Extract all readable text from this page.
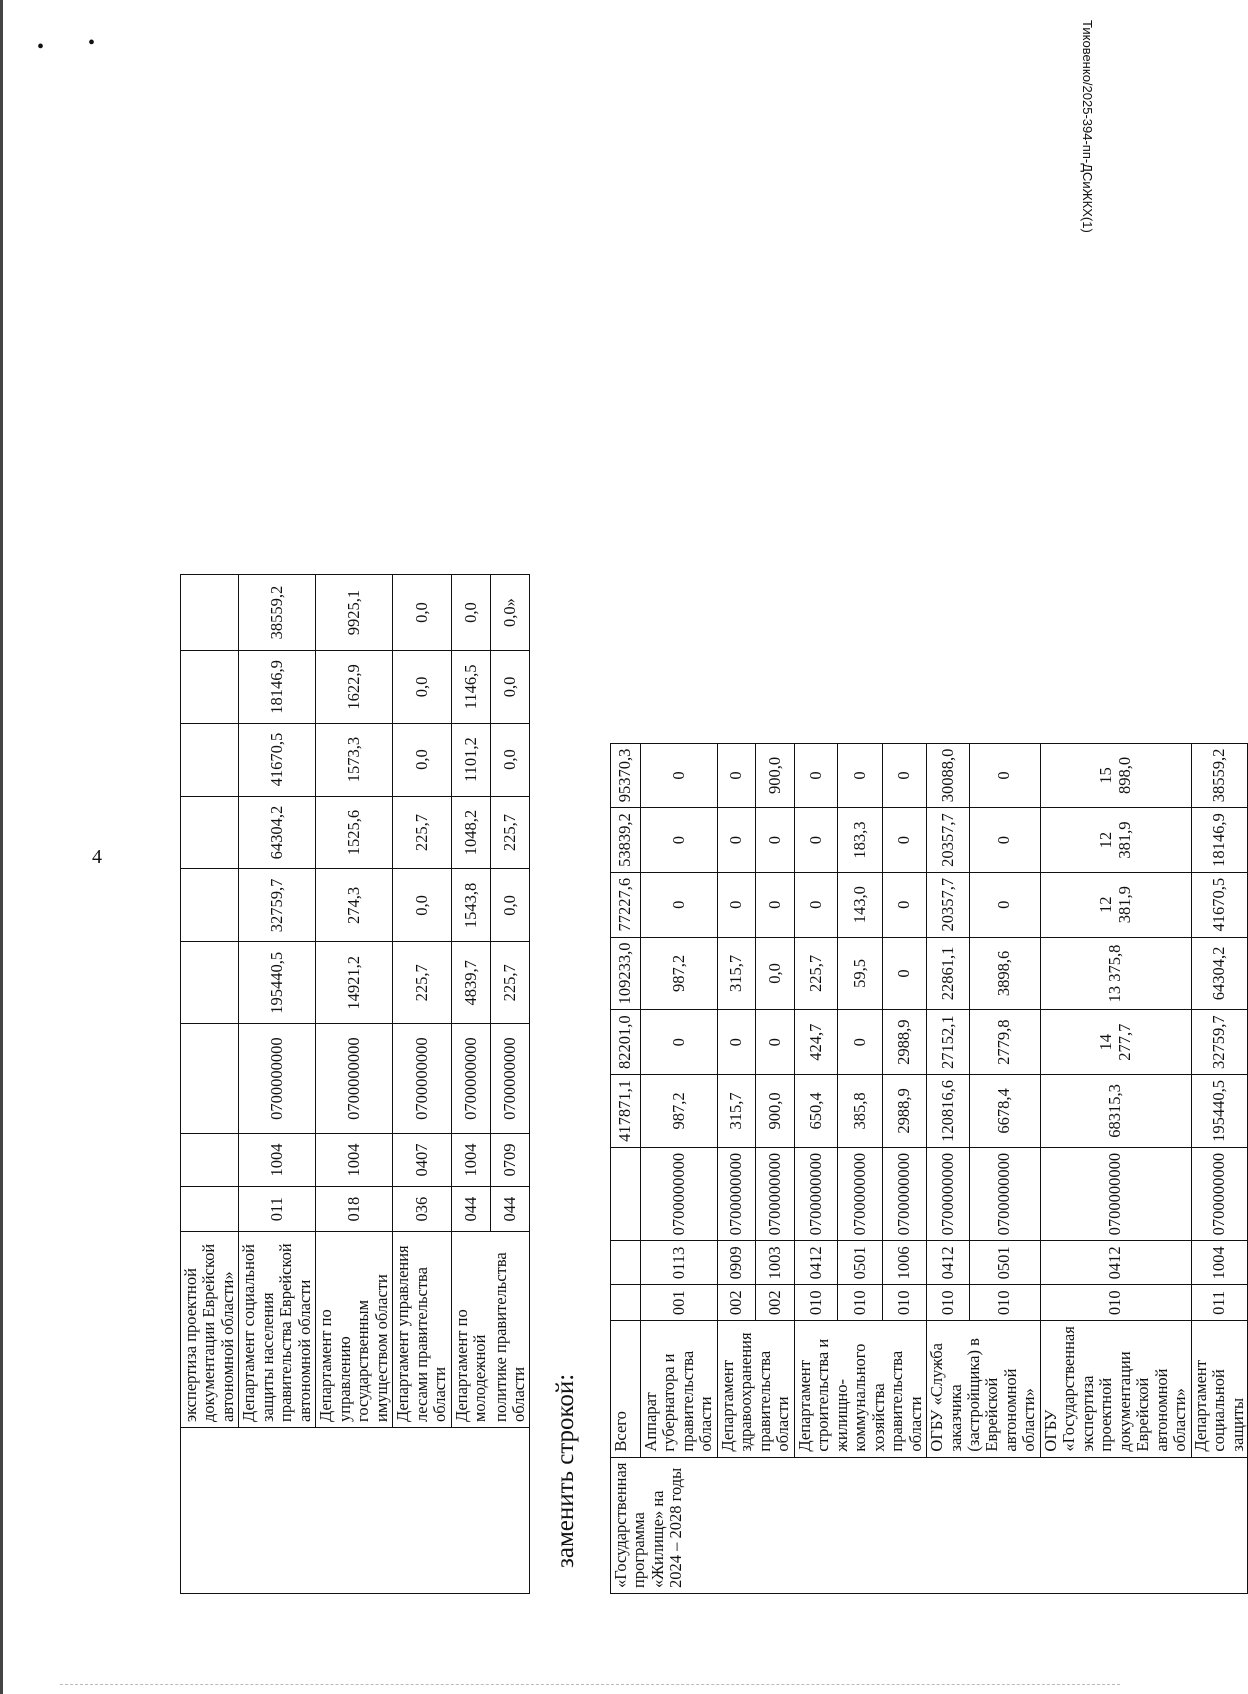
• •
4
Тиковенко/2025-394-пп-ДСиЖКХ(1)
	экспертиза проектной документации Еврейской автономной области»									
	Департамент социальной защиты населения правительства Еврейской автономной области	011	1004	0700000000	195440,5	32759,7	64304,2	41670,5	18146,9	38559,2
	Департамент по управлению государственным имуществом области	018	1004	0700000000	14921,2	274,3	1525,6	1573,3	1622,9	9925,1
	Департамент управления лесами правительства области	036	0407	0700000000	225,7	0,0	225,7	0,0	0,0	0,0
	Департамент по молодежной	044	1004	0700000000	4839,7	1543,8	1048,2	1101,2	1146,5	0,0
	политике правительства области	044	0709	0700000000	225,7	0,0	225,7	0,0	0,0	0,0»
заменить строкой: «Государственная программа «Жилище» на 2024 – 2028 годы	Всего				417871,1	82201,0	109233,0	77227,6	53839,2	95370,3
	Аппарат губернатора и правительства области	001	0113	0700000000	987,2	0	987,2	0	0	0
	Департамент здравоохранения правительства области	002	0909	0700000000	315,7	0	315,7	0	0	0
		002	1003	0700000000	900,0	0	0,0	0	0	900,0
	Департамент строительства и жилищно-коммунального хозяйства правительства области	010	0412	0700000000	650,4	424,7	225,7	0	0	0
		010	0501	0700000000	385,8	0	59,5	143,0	183,3	0
		010	1006	0700000000	2988,9	2988,9	0	0	0	0
	ОГБУ «Служба заказчика (застройщика) в Еврейской автономной области»	010	0412	0700000000	120816,6	27152,1	22861,1	20357,7	20357,7	30088,0
		010	0501	0700000000	6678,4	2779,8	3898,6	0	0	0
	ОГБУ «Государственная экспертиза проектной документации Еврейской автономной области»	010	0412	0700000000	68315,3	14 277,7	13 375,8	12 381,9	12 381,9	15 898,0
	Департамент социальной защиты	011	1004	0700000000	195440,5	32759,7	64304,2	41670,5	18146,9	38559,2
